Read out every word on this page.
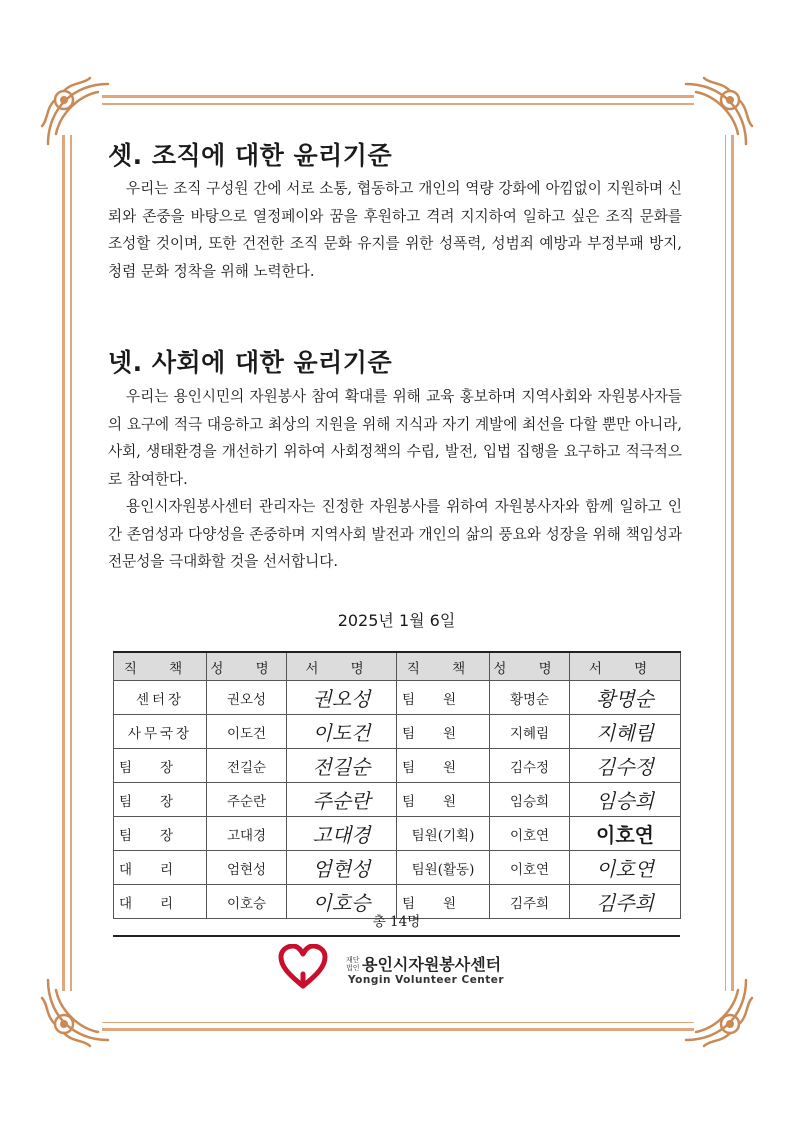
셋. 조직에 대한 윤리기준

우리는 조직 구성원 간에 서로 소통, 협동하고 개인의 역량 강화에 아낌없이 지원하며 신뢰와 존중을 바탕으로 열정페이와 꿈을 후원하고 격려 지지하여 일하고 싶은 조직 문화를 조성할 것이며, 또한 건전한 조직 문화 유지를 위한 성폭력, 성범죄 예방과 부정부패 방지, 청렴 문화 정착을 위해 노력한다.

넷. 사회에 대한 윤리기준

우리는 용인시민의 자원봉사 참여 확대를 위해 교육 홍보하며 지역사회와 자원봉사자들의 요구에 적극 대응하고 최상의 지원을 위해 지식과 자기 계발에 최선을 다할 뿐만 아니라, 사회, 생태환경을 개선하기 위하여 사회정책의 수립, 발전, 입법 집행을 요구하고 적극적으로 참여한다.

용인시자원봉사센터 관리자는 진정한 자원봉사를 위하여 자원봉사자와 함께 일하고 인간 존엄성과 다양성을 존중하며 지역사회 발전과 개인의 삶의 풍요와 성장을 위해 책임성과 전문성을 극대화할 것을 선서합니다.

2025년 1월 6일
직 책	성 명	서 명	직 책	성 명	서 명
센터장	권오성	권오성	팀원	황명순	황명순
사무국장	이도건	이도건	팀원	지혜림	지혜림
팀장	전길순	전길순	팀원	김수정	김수정
팀장	주순란	주순란	팀원	임승희	임승희
팀장	고대경	고대경	팀원(기획)	이호연	이호연
대리	엄현성	엄현성	팀원(활동)	이호연	이호연
대리	이호승	이호승	팀원	김주희	김주희
총 14명
재단법인 용인시자원봉사센터
Yongin Volunteer Center
